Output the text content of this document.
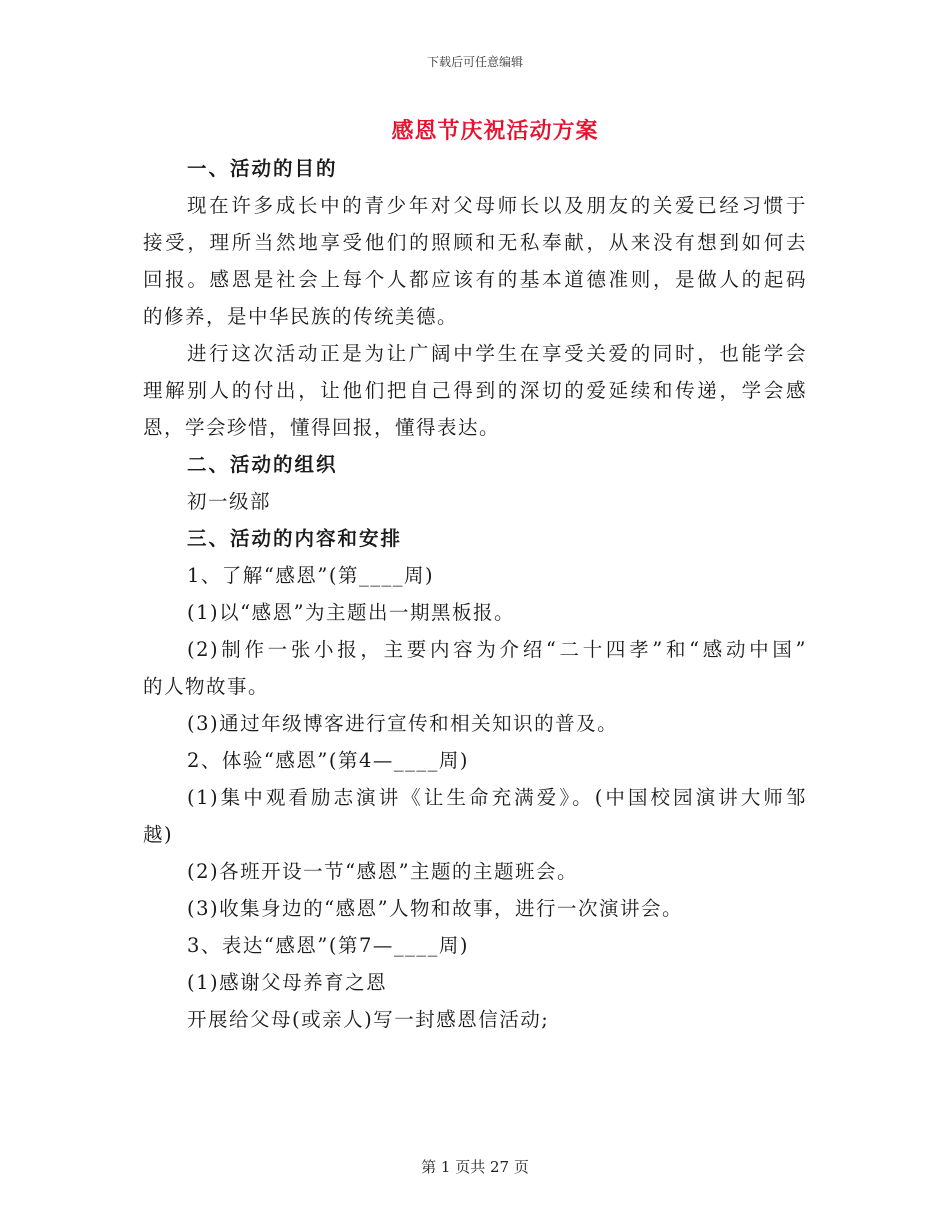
下载后可任意编辑
感恩节庆祝活动方案
一、活动的目的
现在许多成长中的青少年对父母师长以及朋友的关爱已经习惯于
接受，理所当然地享受他们的照顾和无私奉献，从来没有想到如何去
回报。感恩是社会上每个人都应该有的基本道德准则，是做人的起码
的修养，是中华民族的传统美德。
进行这次活动正是为让广阔中学生在享受关爱的同时，也能学会
理解别人的付出，让他们把自己得到的深切的爱延续和传递，学会感
恩，学会珍惜，懂得回报，懂得表达。
二、活动的组织
初一级部
三、活动的内容和安排
1、了解“感恩”(第____周)
(1)以“感恩”为主题出一期黑板报。
(2)制作一张小报，主要内容为介绍“二十四孝”和“感动中国”
的人物故事。
(3)通过年级博客进行宣传和相关知识的普及。
2、体验“感恩”(第4—____周)
(1)集中观看励志演讲《让生命充满爱》。(中国校园演讲大师邹
越)
(2)各班开设一节“感恩”主题的主题班会。
(3)收集身边的“感恩”人物和故事，进行一次演讲会。
3、表达“感恩”(第7—____周)
(1)感谢父母养育之恩
开展给父母(或亲人)写一封感恩信活动;
第 1 页共 27 页
